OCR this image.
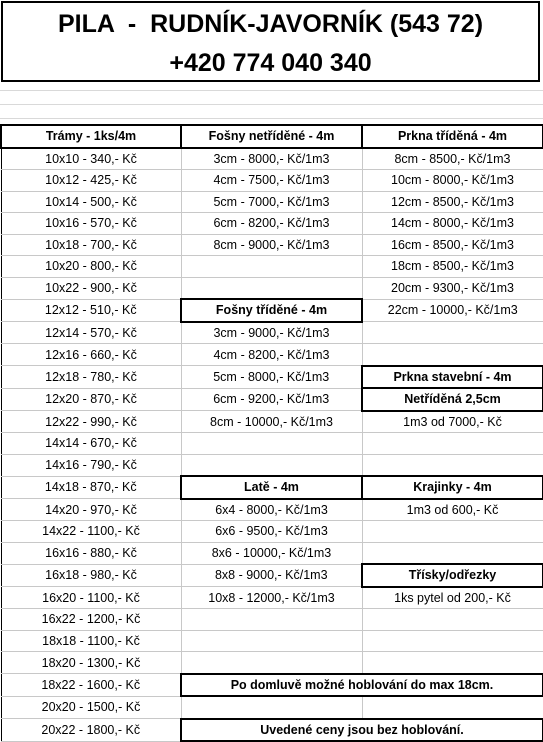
PILA  -  RUDNÍK-JAVORNÍK (543 72)
+420 774 040 340
Trámy - 1ks/4m	Fošny netříděné - 4m	Prkna tříděná - 4m
10x10 - 340,- Kč	3cm - 8000,- Kč/1m3	8cm - 8500,- Kč/1m3
10x12 - 425,- Kč	4cm - 7500,- Kč/1m3	10cm - 8000,- Kč/1m3
10x14 - 500,- Kč	5cm - 7000,- Kč/1m3	12cm - 8500,- Kč/1m3
10x16 - 570,- Kč	6cm - 8200,- Kč/1m3	14cm - 8000,- Kč/1m3
10x18 - 700,- Kč	8cm - 9000,- Kč/1m3	16cm - 8500,- Kč/1m3
10x20 - 800,- Kč		18cm - 8500,- Kč/1m3
10x22 - 900,- Kč		20cm - 9300,- Kč/1m3
12x12 - 510,- Kč	Fošny tříděné - 4m	22cm - 10000,- Kč/1m3
12x14 - 570,- Kč	3cm - 9000,- Kč/1m3	
12x16 - 660,- Kč	4cm - 8200,- Kč/1m3	
12x18 - 780,- Kč	5cm - 8000,- Kč/1m3	Prkna stavební - 4m
12x20 - 870,- Kč	6cm - 9200,- Kč/1m3	Netříděná 2,5cm
12x22 - 990,- Kč	8cm - 10000,- Kč/1m3	1m3 od 7000,- Kč
14x14 - 670,- Kč		
14x16 - 790,- Kč		
14x18 - 870,- Kč	Latě - 4m	Krajinky - 4m
14x20 - 970,- Kč	6x4 - 8000,- Kč/1m3	1m3 od 600,- Kč
14x22 - 1100,- Kč	6x6 - 9500,- Kč/1m3	
16x16 - 880,- Kč	8x6 - 10000,- Kč/1m3	
16x18 - 980,- Kč	8x8 - 9000,- Kč/1m3	Třísky/odřezky
16x20 - 1100,- Kč	10x8 - 12000,- Kč/1m3	1ks pytel od 200,- Kč
16x22 - 1200,- Kč		
18x18 - 1100,- Kč		
18x20 - 1300,- Kč		
18x22 - 1600,- Kč	Po domluvě možné hoblování do max 18cm.	
20x20 - 1500,- Kč		
20x22 - 1800,- Kč	Uvedené ceny jsou bez hoblování.	
